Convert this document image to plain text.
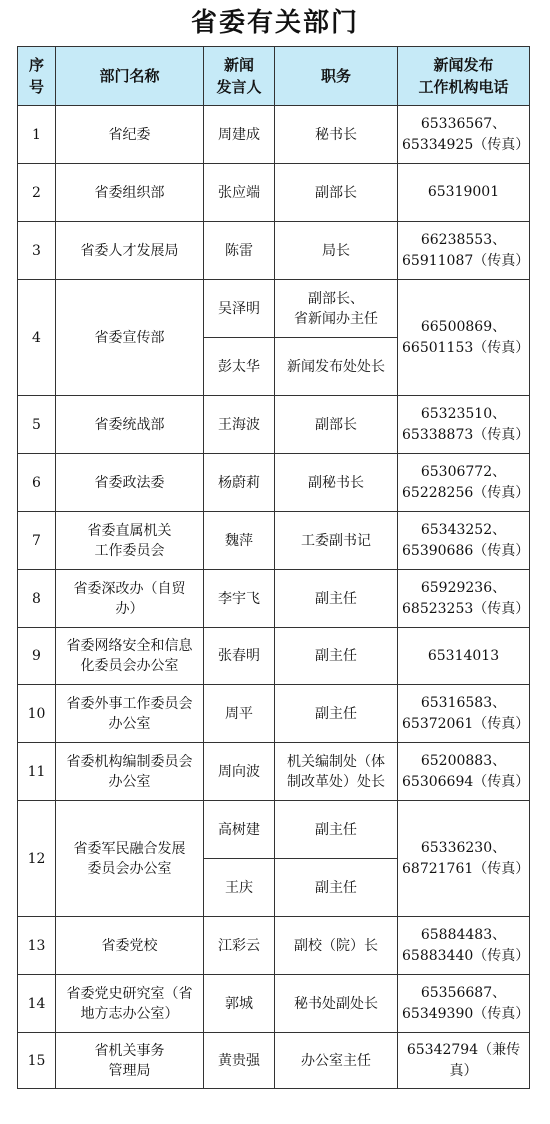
省委有关部门
序
号	部门名称	新闻
发言人	职务	新闻发布
工作机构电话
1	省纪委	周建成	秘书长	65336567、
65334925（传真）
2	省委组织部	张应端	副部长	65319001
3	省委人才发展局	陈雷	局长	66238553、
65911087（传真）
4	省委宣传部	吴泽明	副部长、
省新闻办主任	66500869、
66501153（传真）
		彭太华	新闻发布处处长	
5	省委统战部	王海波	副部长	65323510、
65338873（传真）
6	省委政法委	杨蔚莉	副秘书长	65306772、
65228256（传真）
7	省委直属机关
工作委员会	魏萍	工委副书记	65343252、
65390686（传真）
8	省委深改办（自贸
办）	李宇飞	副主任	65929236、
68523253（传真）
9	省委网络安全和信息
化委员会办公室	张春明	副主任	65314013
10	省委外事工作委员会
办公室	周平	副主任	65316583、
65372061（传真）
11	省委机构编制委员会
办公室	周向波	机关编制处（体
制改革处）处长	65200883、
65306694（传真）
12	省委军民融合发展
委员会办公室	高树建	副主任	65336230、
68721761（传真）
		王庆	副主任	
13	省委党校	江彩云	副校（院）长	65884483、
65883440（传真）
14	省委党史研究室（省
地方志办公室）	郭城	秘书处副处长	65356687、
65349390（传真）
15	省机关事务
管理局	黄贵强	办公室主任	65342794（兼传
真）
